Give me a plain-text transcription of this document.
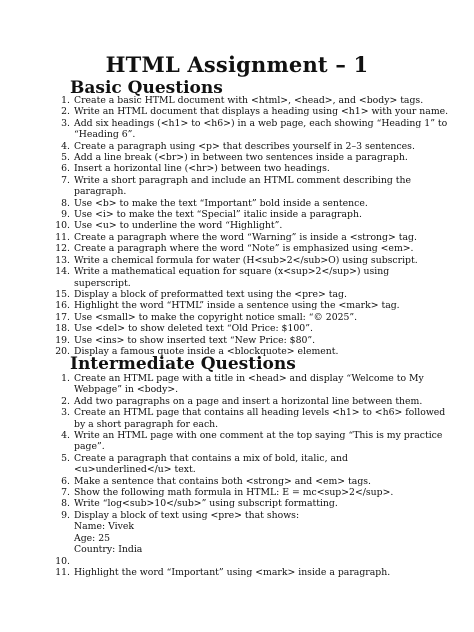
HTML Assignment – 1
Basic Questions
1. Create a basic HTML document with <html>, <head>, and <body> tags.
2. Write an HTML document that displays a heading using <h1> with your name.
3. Add six headings (<h1> to <h6>) in a web page, each showing “Heading 1” to
“Heading 6”.
4. Create a paragraph using <p> that describes yourself in 2–3 sentences.
5. Add a line break (<br>) in between two sentences inside a paragraph.
6. Insert a horizontal line (<hr>) between two headings.
7. Write a short paragraph and include an HTML comment describing the
paragraph.
8. Use <b> to make the text “Important” bold inside a sentence.
9. Use <i> to make the text “Special” italic inside a paragraph.
10. Use <u> to underline the word “Highlight”.
11. Create a paragraph where the word “Warning” is inside a <strong> tag.
12. Create a paragraph where the word “Note” is emphasized using <em>.
13. Write a chemical formula for water (H<sub>2</sub>O) using subscript.
14. Write a mathematical equation for square (x<sup>2</sup>) using
superscript.
15. Display a block of preformatted text using the <pre> tag.
16. Highlight the word “HTML” inside a sentence using the <mark> tag.
17. Use <small> to make the copyright notice small: “© 2025”.
18. Use <del> to show deleted text “Old Price: $100”.
19. Use <ins> to show inserted text “New Price: $80”.
20. Display a famous quote inside a <blockquote> element.
Intermediate Questions
1. Create an HTML page with a title in <head> and display “Welcome to My
Webpage” in <body>.
2. Add two paragraphs on a page and insert a horizontal line between them.
3. Create an HTML page that contains all heading levels <h1> to <h6> followed
by a short paragraph for each.
4. Write an HTML page with one comment at the top saying “This is my practice
page”.
5. Create a paragraph that contains a mix of bold, italic, and
<u>underlined</u> text.
6. Make a sentence that contains both <strong> and <em> tags.
7. Show the following math formula in HTML: E = mc<sup>2</sup>.
8. Write “log<sub>10</sub>” using subscript formatting.
9. Display a block of text using <pre> that shows:
Name: Vivek
Age: 25
Country: India
10.

11. Highlight the word “Important” using <mark> inside a paragraph.
